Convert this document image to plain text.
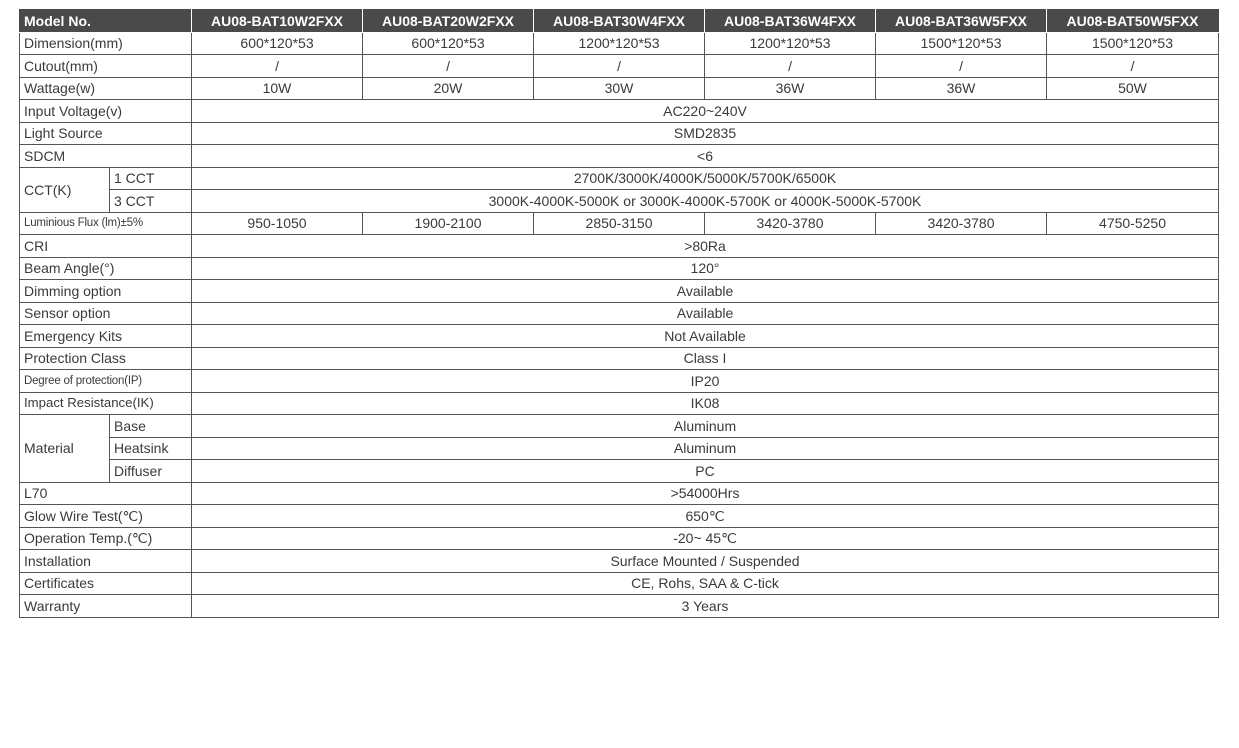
Model No.		AU08-BAT10W2FXX	AU08-BAT20W2FXX	AU08-BAT30W4FXX	AU08-BAT36W4FXX	AU08-BAT36W5FXX	AU08-BAT50W5FXX
Dimension(mm)		600*120*53	600*120*53	1200*120*53	1200*120*53	1500*120*53	1500*120*53
Cutout(mm)		/	/	/	/	/	/
Wattage(w)		10W	20W	30W	36W	36W	50W
Input Voltage(v)		AC220~240V					
Light Source		SMD2835					
SDCM		<6					
CCT(K)	1 CCT	2700K/3000K/4000K/5000K/5700K/6500K					
	3 CCT	3000K-4000K-5000K or 3000K-4000K-5700K or 4000K-5000K-5700K					
Luminious Flux (lm)±5%		950-1050	1900-2100	2850-3150	3420-3780	3420-3780	4750-5250
CRI		>80Ra					
Beam Angle(°)		120°					
Dimming option		Available					
Sensor option		Available					
Emergency Kits		Not Available					
Protection Class		Class I					
Degree of protection(IP)		IP20					
Impact Resistance(IK)		IK08					
Material	Base	Aluminum					
	Heatsink	Aluminum					
	Diffuser	PC					
L70		>54000Hrs					
Glow Wire Test(℃)		650℃					
Operation Temp.(℃)		-20~ 45℃					
Installation		Surface Mounted / Suspended					
Certificates		CE, Rohs, SAA & C-tick					
Warranty		3 Years					
